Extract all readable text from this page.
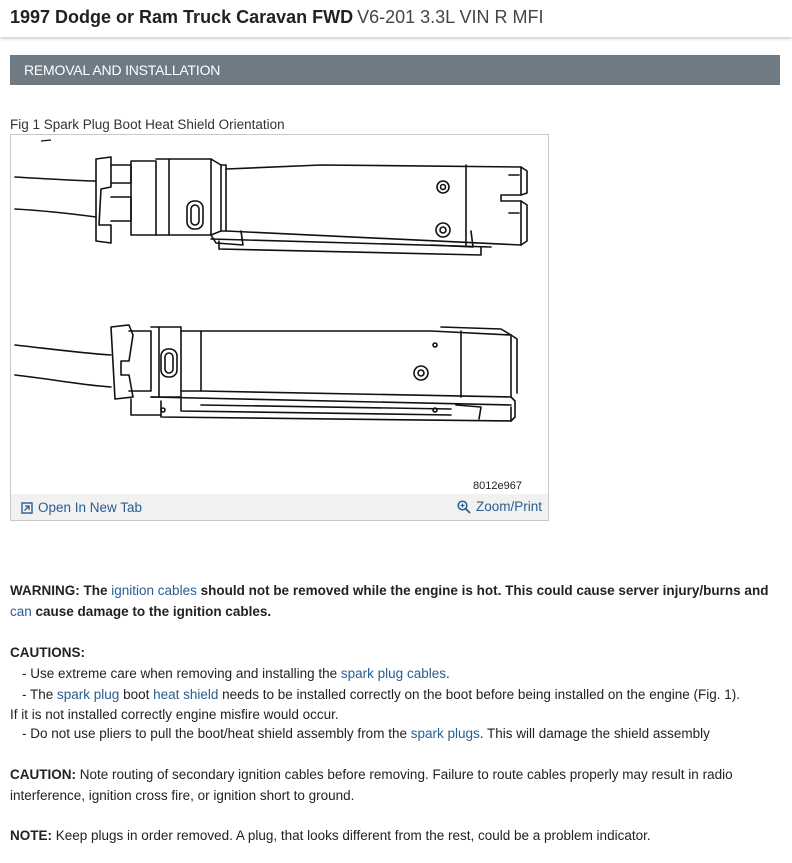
1997 Dodge or Ram Truck Caravan FWD V6-201 3.3L VIN R MFI
REMOVAL AND INSTALLATION
Fig 1 Spark Plug Boot Heat Shield Orientation
8012e967
Open In New Tab	Zoom/Print
WARNING: The ignition cables should not be removed while the engine is hot. This could cause server injury/burns and can cause damage to the ignition cables.
CAUTIONS:
- Use extreme care when removing and installing the spark plug cables.
- The spark plug boot heat shield needs to be installed correctly on the boot before being installed on the engine (Fig. 1).
If it is not installed correctly engine misfire would occur.
- Do not use pliers to pull the boot/heat shield assembly from the spark plugs. This will damage the shield assembly
CAUTION: Note routing of secondary ignition cables before removing. Failure to route cables properly may result in radio interference, ignition cross fire, or ignition short to ground.
NOTE: Keep plugs in order removed. A plug, that looks different from the rest, could be a problem indicator.
